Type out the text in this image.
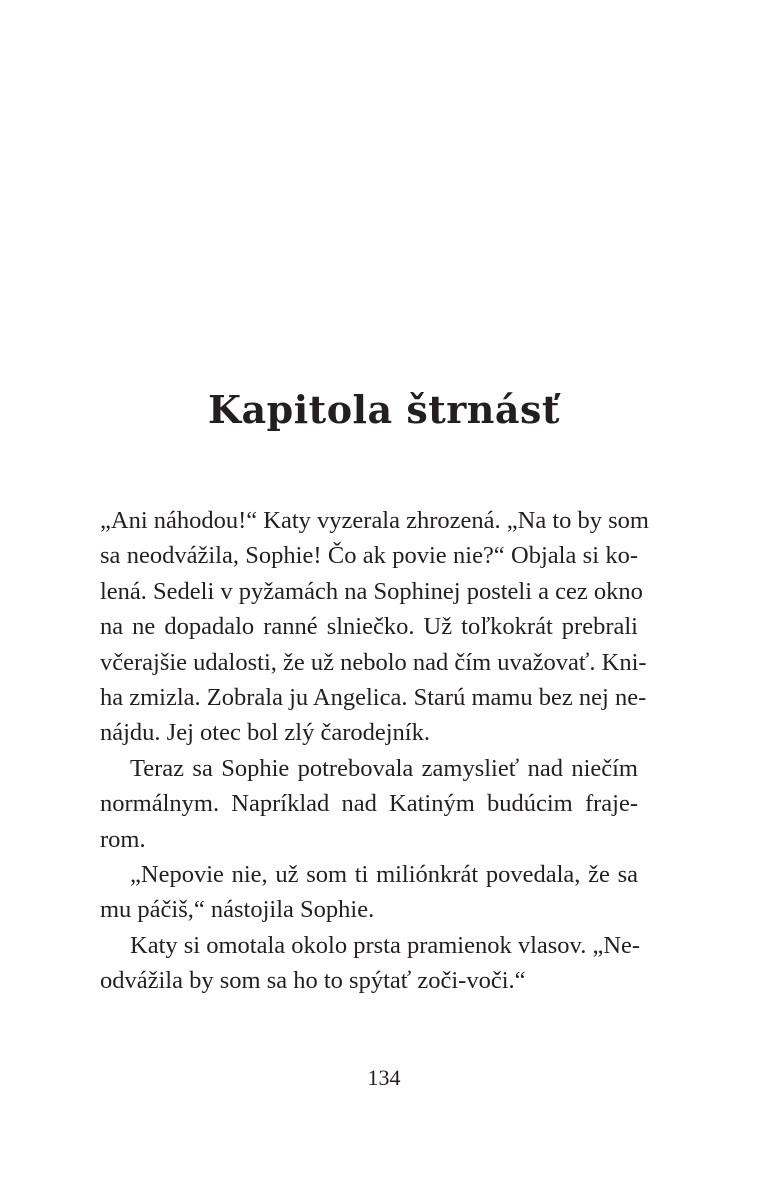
Kapitola štrnásť
„Ani náhodou!“ Katy vyzerala zhrozená. „Na to by som
sa neodvážila, Sophie! Čo ak povie nie?“ Objala si ko-
lená. Sedeli v pyžamách na Sophinej posteli a cez okno
na ne dopadalo ranné slniečko. Už toľkokrát prebrali
včerajšie udalosti, že už nebolo nad čím uvažovať. Kni-
ha zmizla. Zobrala ju Angelica. Starú mamu bez nej ne-
nájdu. Jej otec bol zlý čarodejník.
Teraz sa Sophie potrebovala zamyslieť nad niečím
normálnym. Napríklad nad Katiným budúcim fraje-
rom.
„Nepovie nie, už som ti miliónkrát povedala, že sa
mu páčiš,“ nástojila Sophie.
Katy si omotala okolo prsta pramienok vlasov. „Ne-
odvážila by som sa ho to spýtať zoči-voči.“

134
